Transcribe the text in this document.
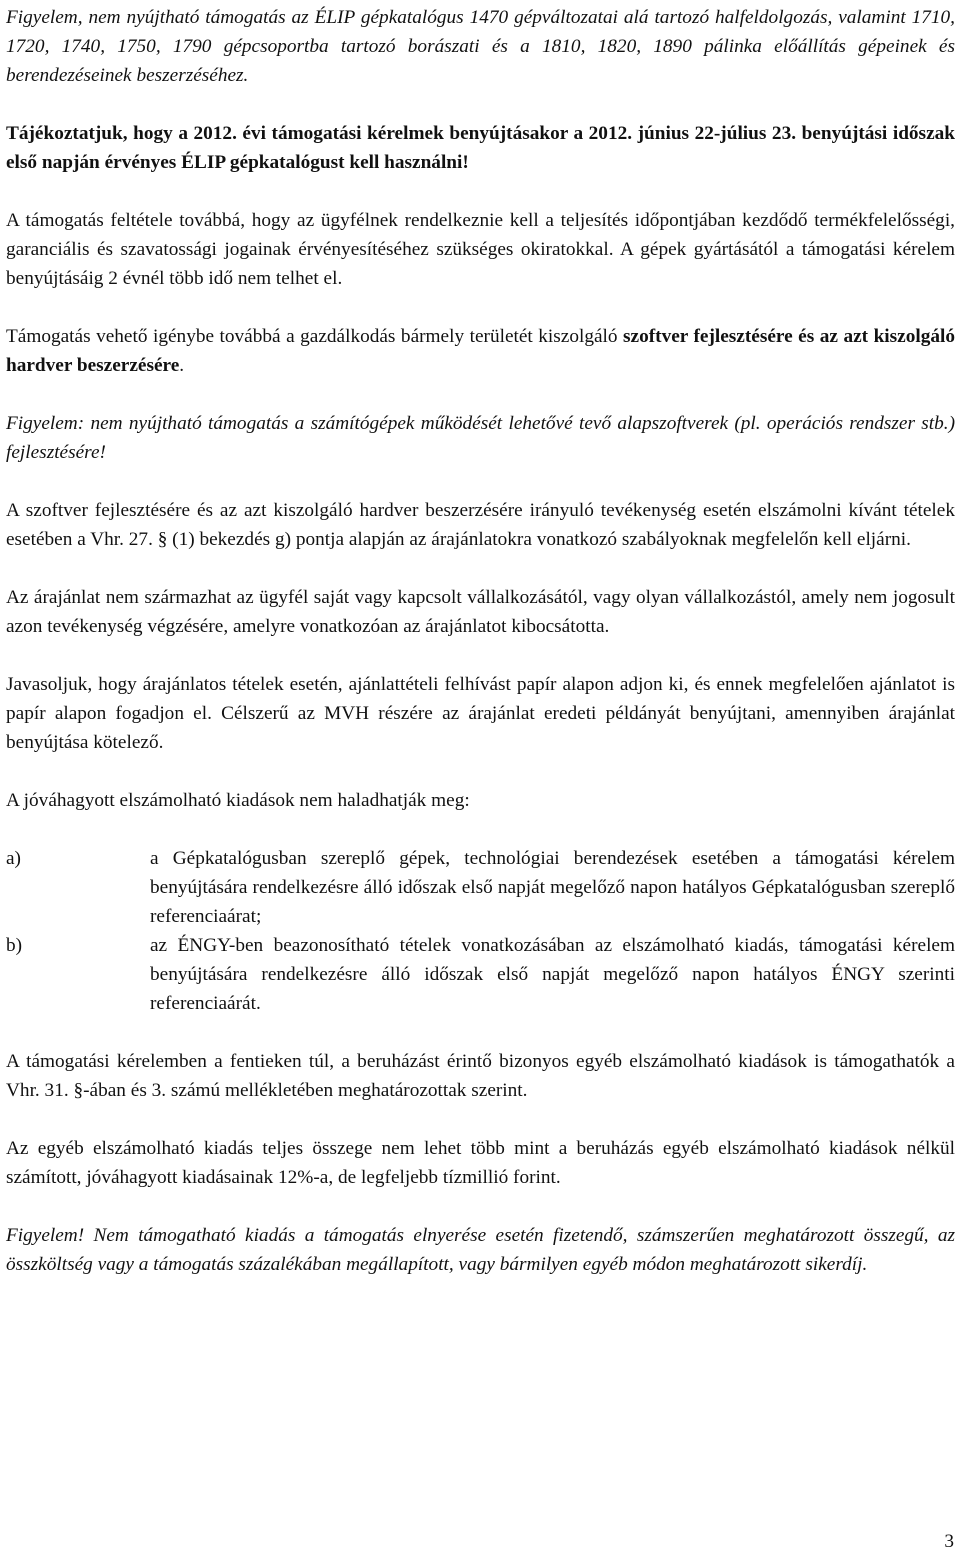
Figyelem, nem nyújtható támogatás az ÉLIP gépkatalógus 1470 gépváltozatai alá tartozó halfeldolgozás, valamint 1710, 1720, 1740, 1750, 1790 gépcsoportba tartozó borászati és a 1810, 1820, 1890 pálinka előállítás gépeinek és berendezéseinek beszerzéséhez.

Tájékoztatjuk, hogy a 2012. évi támogatási kérelmek benyújtásakor a 2012. június 22-július 23. benyújtási időszak első napján érvényes ÉLIP gépkatalógust kell használni!

A támogatás feltétele továbbá, hogy az ügyfélnek rendelkeznie kell a teljesítés időpontjában kezdődő termékfelelősségi, garanciális és szavatossági jogainak érvényesítéséhez szükséges okiratokkal. A gépek gyártásától a támogatási kérelem benyújtásáig 2 évnél több idő nem telhet el.

Támogatás vehető igénybe továbbá a gazdálkodás bármely területét kiszolgáló szoftver fejlesztésére és az azt kiszolgáló hardver beszerzésére.

Figyelem: nem nyújtható támogatás a számítógépek működését lehetővé tevő alapszoftverek (pl. operációs rendszer stb.) fejlesztésére!

A szoftver fejlesztésére és az azt kiszolgáló hardver beszerzésére irányuló tevékenység esetén elszámolni kívánt tételek esetében a Vhr. 27. § (1) bekezdés g) pontja alapján az árajánlatokra vonatkozó szabályoknak megfelelőn kell eljárni.

Az árajánlat nem származhat az ügyfél saját vagy kapcsolt vállalkozásától, vagy olyan vállalkozástól, amely nem jogosult azon tevékenység végzésére, amelyre vonatkozóan az árajánlatot kibocsátotta.

Javasoljuk, hogy árajánlatos tételek esetén, ajánlattételi felhívást papír alapon adjon ki, és ennek megfelelően ajánlatot is papír alapon fogadjon el. Célszerű az MVH részére az árajánlat eredeti példányát benyújtani, amennyiben árajánlat benyújtása kötelező.

A jóváhagyott elszámolható kiadások nem haladhatják meg:

a)	a Gépkatalógusban szereplő gépek, technológiai berendezések esetében a támogatási kérelem benyújtására rendelkezésre álló időszak első napját megelőző napon hatályos Gépkatalógusban szereplő referenciaárat;
b)	az ÉNGY-ben beazonosítható tételek vonatkozásában az elszámolható kiadás, támogatási kérelem benyújtására rendelkezésre álló időszak első napját megelőző napon hatályos ÉNGY szerinti referenciaárát.

A támogatási kérelemben a fentieken túl, a beruházást érintő bizonyos egyéb elszámolható kiadások is támogathatók a Vhr. 31. §-ában és 3. számú mellékletében meghatározottak szerint.

Az egyéb elszámolható kiadás teljes összege nem lehet több mint a beruházás egyéb elszámolható kiadások nélkül számított, jóváhagyott kiadásainak 12%-a, de legfeljebb tízmillió forint.

Figyelem! Nem támogatható kiadás a támogatás elnyerése esetén fizetendő, számszerűen meghatározott összegű, az összköltség vagy a támogatás százalékában megállapított, vagy bármilyen egyéb módon meghatározott sikerdíj.

3
